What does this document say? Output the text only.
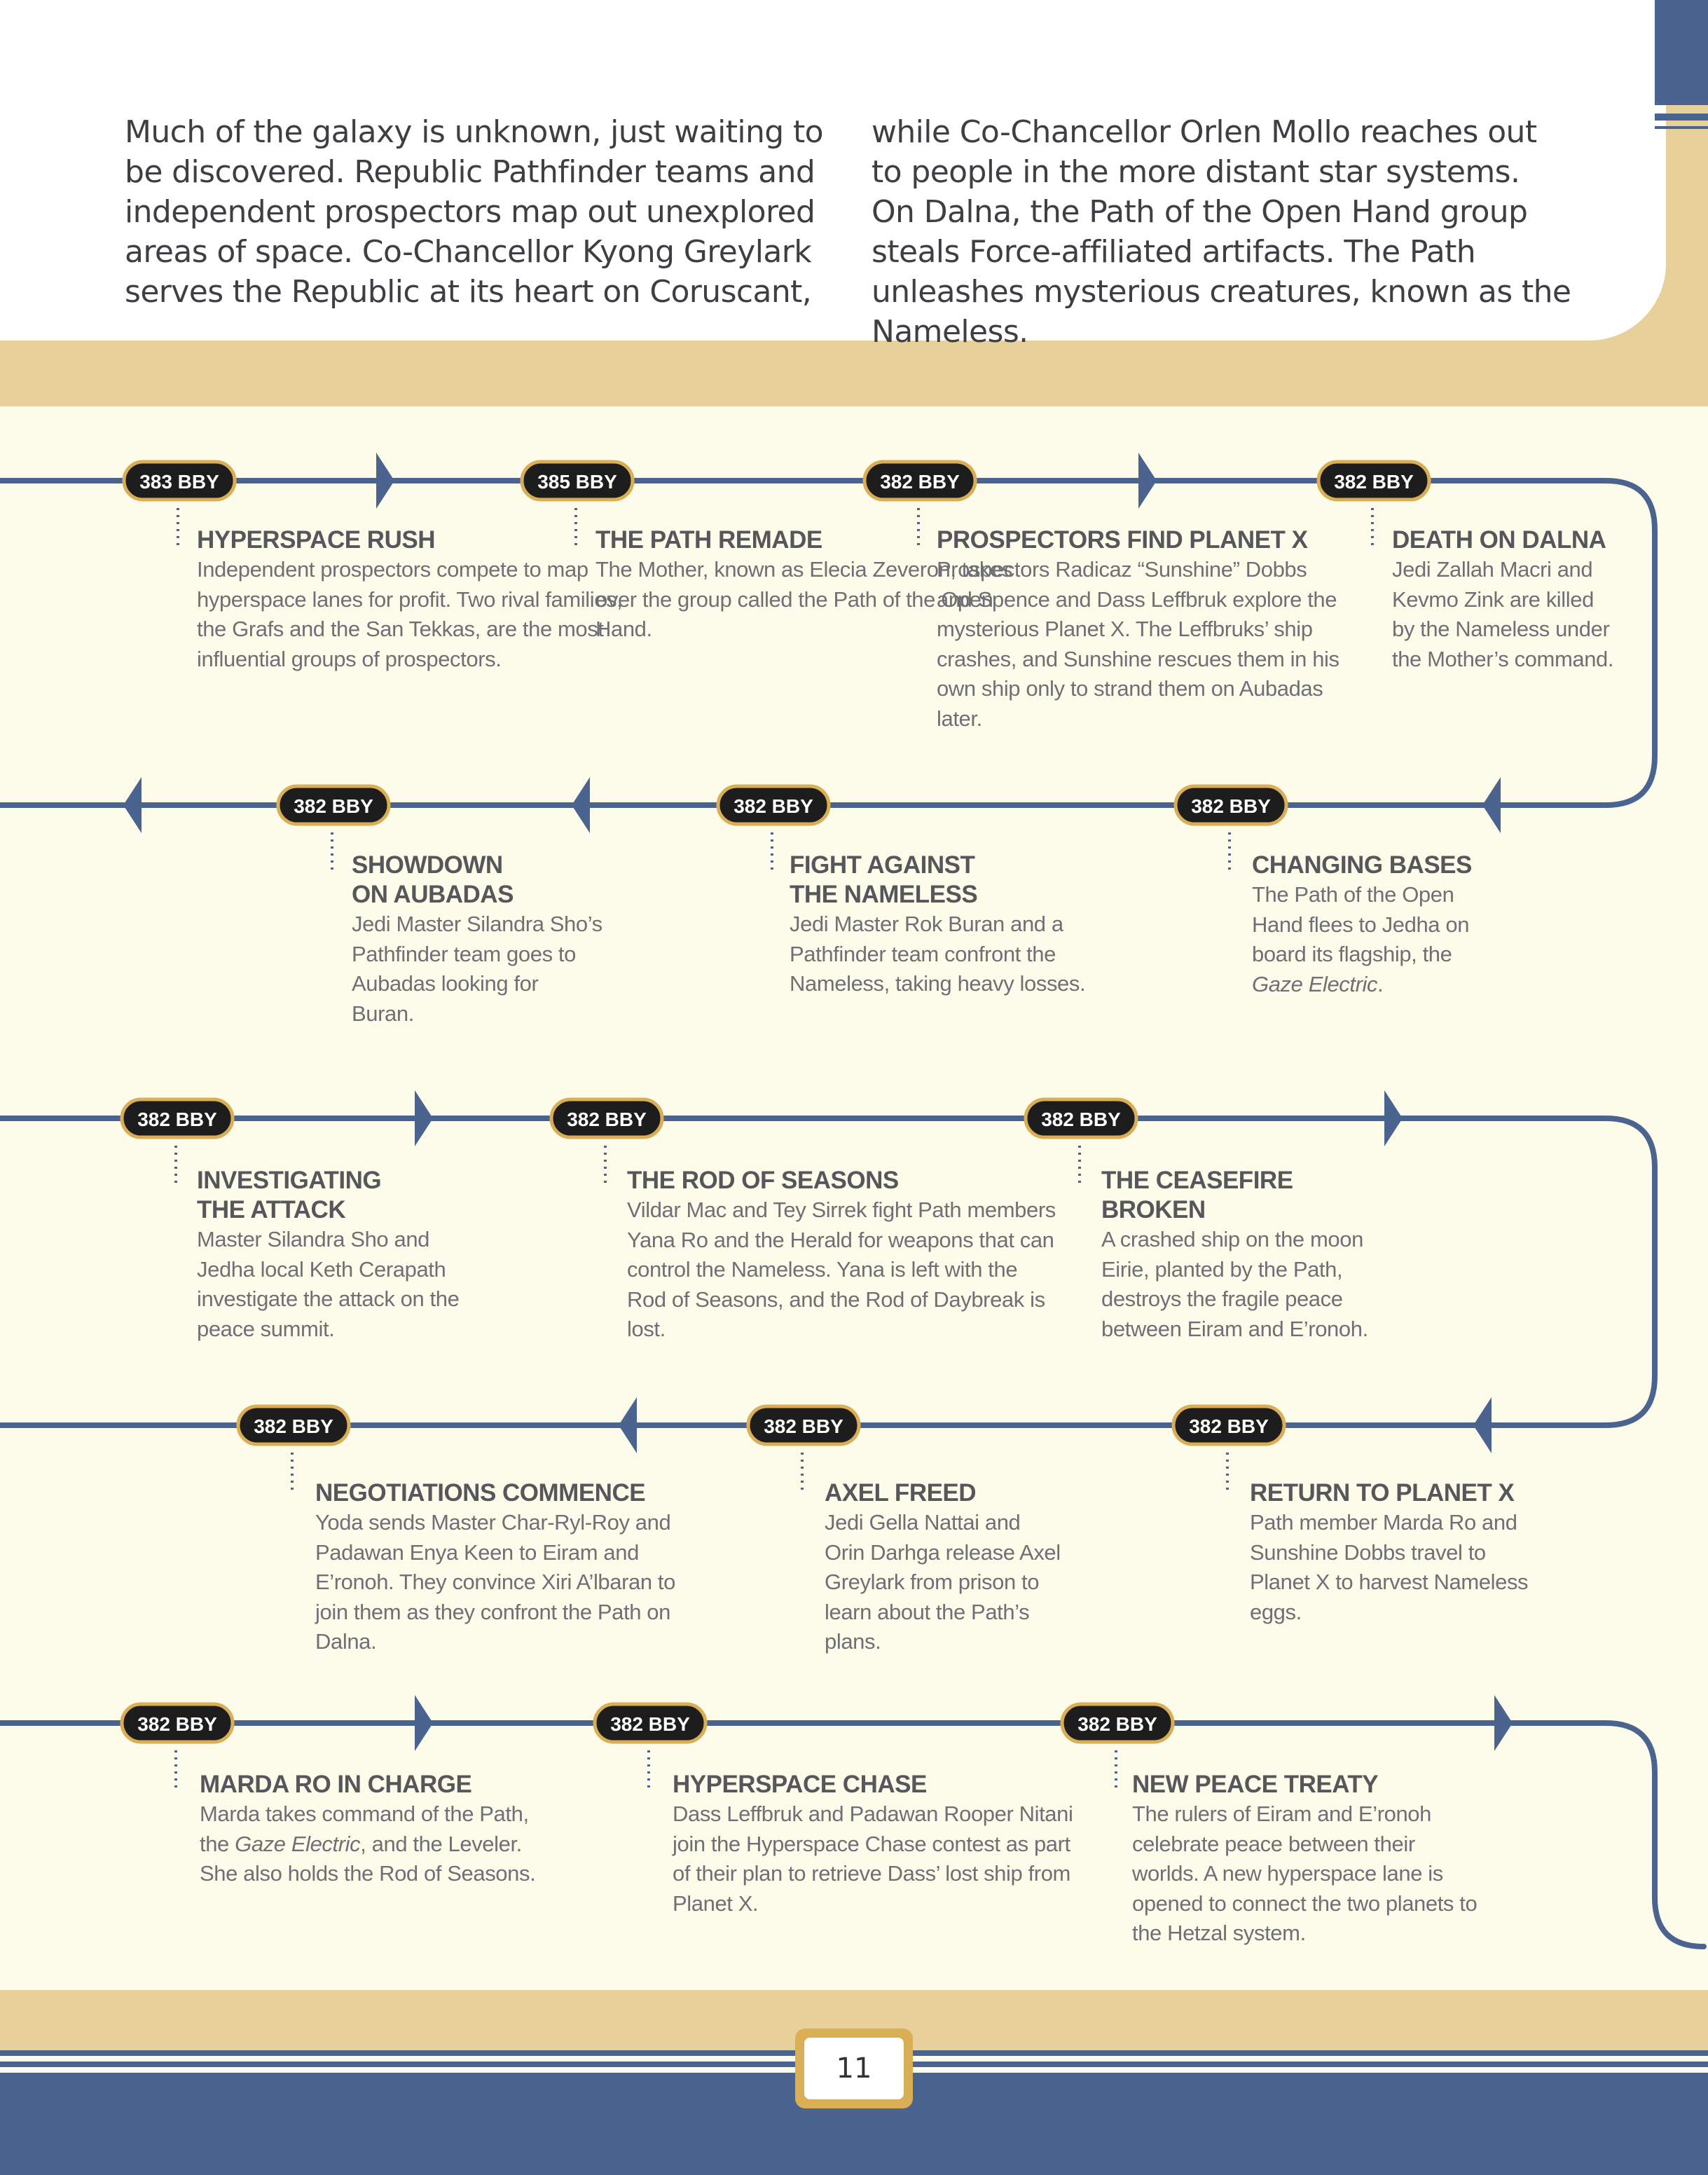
Much of the galaxy is unknown, just waiting to be discovered. Republic Pathfinder teams and independent prospectors map out unexplored areas of space. Co-Chancellor Kyong Greylark serves the Republic at its heart on Coruscant,

while Co-Chancellor Orlen Mollo reaches out to people in the more distant star systems. On Dalna, the Path of the Open Hand group steals Force-affiliated artifacts. The Path unleashes mysterious creatures, known as the Nameless.

383 BBY	385 BBY	382 BBY	382 BBY
382 BBY	382 BBY	382 BBY
382 BBY	382 BBY	382 BBY
382 BBY	382 BBY	382 BBY
382 BBY	382 BBY	382 BBY
HYPERSPACE RUSH
Independent prospectors compete to map hyperspace lanes for profit. Two rival families, the Grafs and the San Tekkas, are the most influential groups of prospectors.
THE PATH REMADE
The Mother, known as Elecia Zeveron, takes over the group called the Path of the Open Hand.
PROSPECTORS FIND PLANET X
Prospectors Radicaz “Sunshine” Dobbs and Spence and Dass Leffbruk explore the mysterious Planet X. The Leffbruks’ ship crashes, and Sunshine rescues them in his own ship only to strand them on Aubadas later.
DEATH ON DALNA
Jedi Zallah Macri and Kevmo Zink are killed by the Nameless under the Mother’s command.
SHOWDOWN ON AUBADAS
Jedi Master Silandra Sho’s Pathfinder team goes to Aubadas looking for Buran.
FIGHT AGAINST THE NAMELESS
Jedi Master Rok Buran and a Pathfinder team confront the Nameless, taking heavy losses.
CHANGING BASES
The Path of the Open Hand flees to Jedha on board its flagship, the Gaze Electric.
INVESTIGATING THE ATTACK
Master Silandra Sho and Jedha local Keth Cerapath investigate the attack on the peace summit.
THE ROD OF SEASONS
Vildar Mac and Tey Sirrek fight Path members Yana Ro and the Herald for weapons that can control the Nameless. Yana is left with the Rod of Seasons, and the Rod of Daybreak is lost.
THE CEASEFIRE BROKEN
A crashed ship on the moon Eirie, planted by the Path, destroys the fragile peace between Eiram and E’ronoh.
NEGOTIATIONS COMMENCE
Yoda sends Master Char-Ryl-Roy and Padawan Enya Keen to Eiram and E’ronoh. They convince Xiri A’lbaran to join them as they confront the Path on Dalna.
AXEL FREED
Jedi Gella Nattai and Orin Darhga release Axel Greylark from prison to learn about the Path’s plans.
RETURN TO PLANET X
Path member Marda Ro and Sunshine Dobbs travel to Planet X to harvest Nameless eggs.
MARDA RO IN CHARGE
Marda takes command of the Path, the Gaze Electric, and the Leveler. She also holds the Rod of Seasons.
HYPERSPACE CHASE
Dass Leffbruk and Padawan Rooper Nitani join the Hyperspace Chase contest as part of their plan to retrieve Dass’ lost ship from Planet X.
NEW PEACE TREATY
The rulers of Eiram and E’ronoh celebrate peace between their worlds. A new hyperspace lane is opened to connect the two planets to the Hetzal system.
11
